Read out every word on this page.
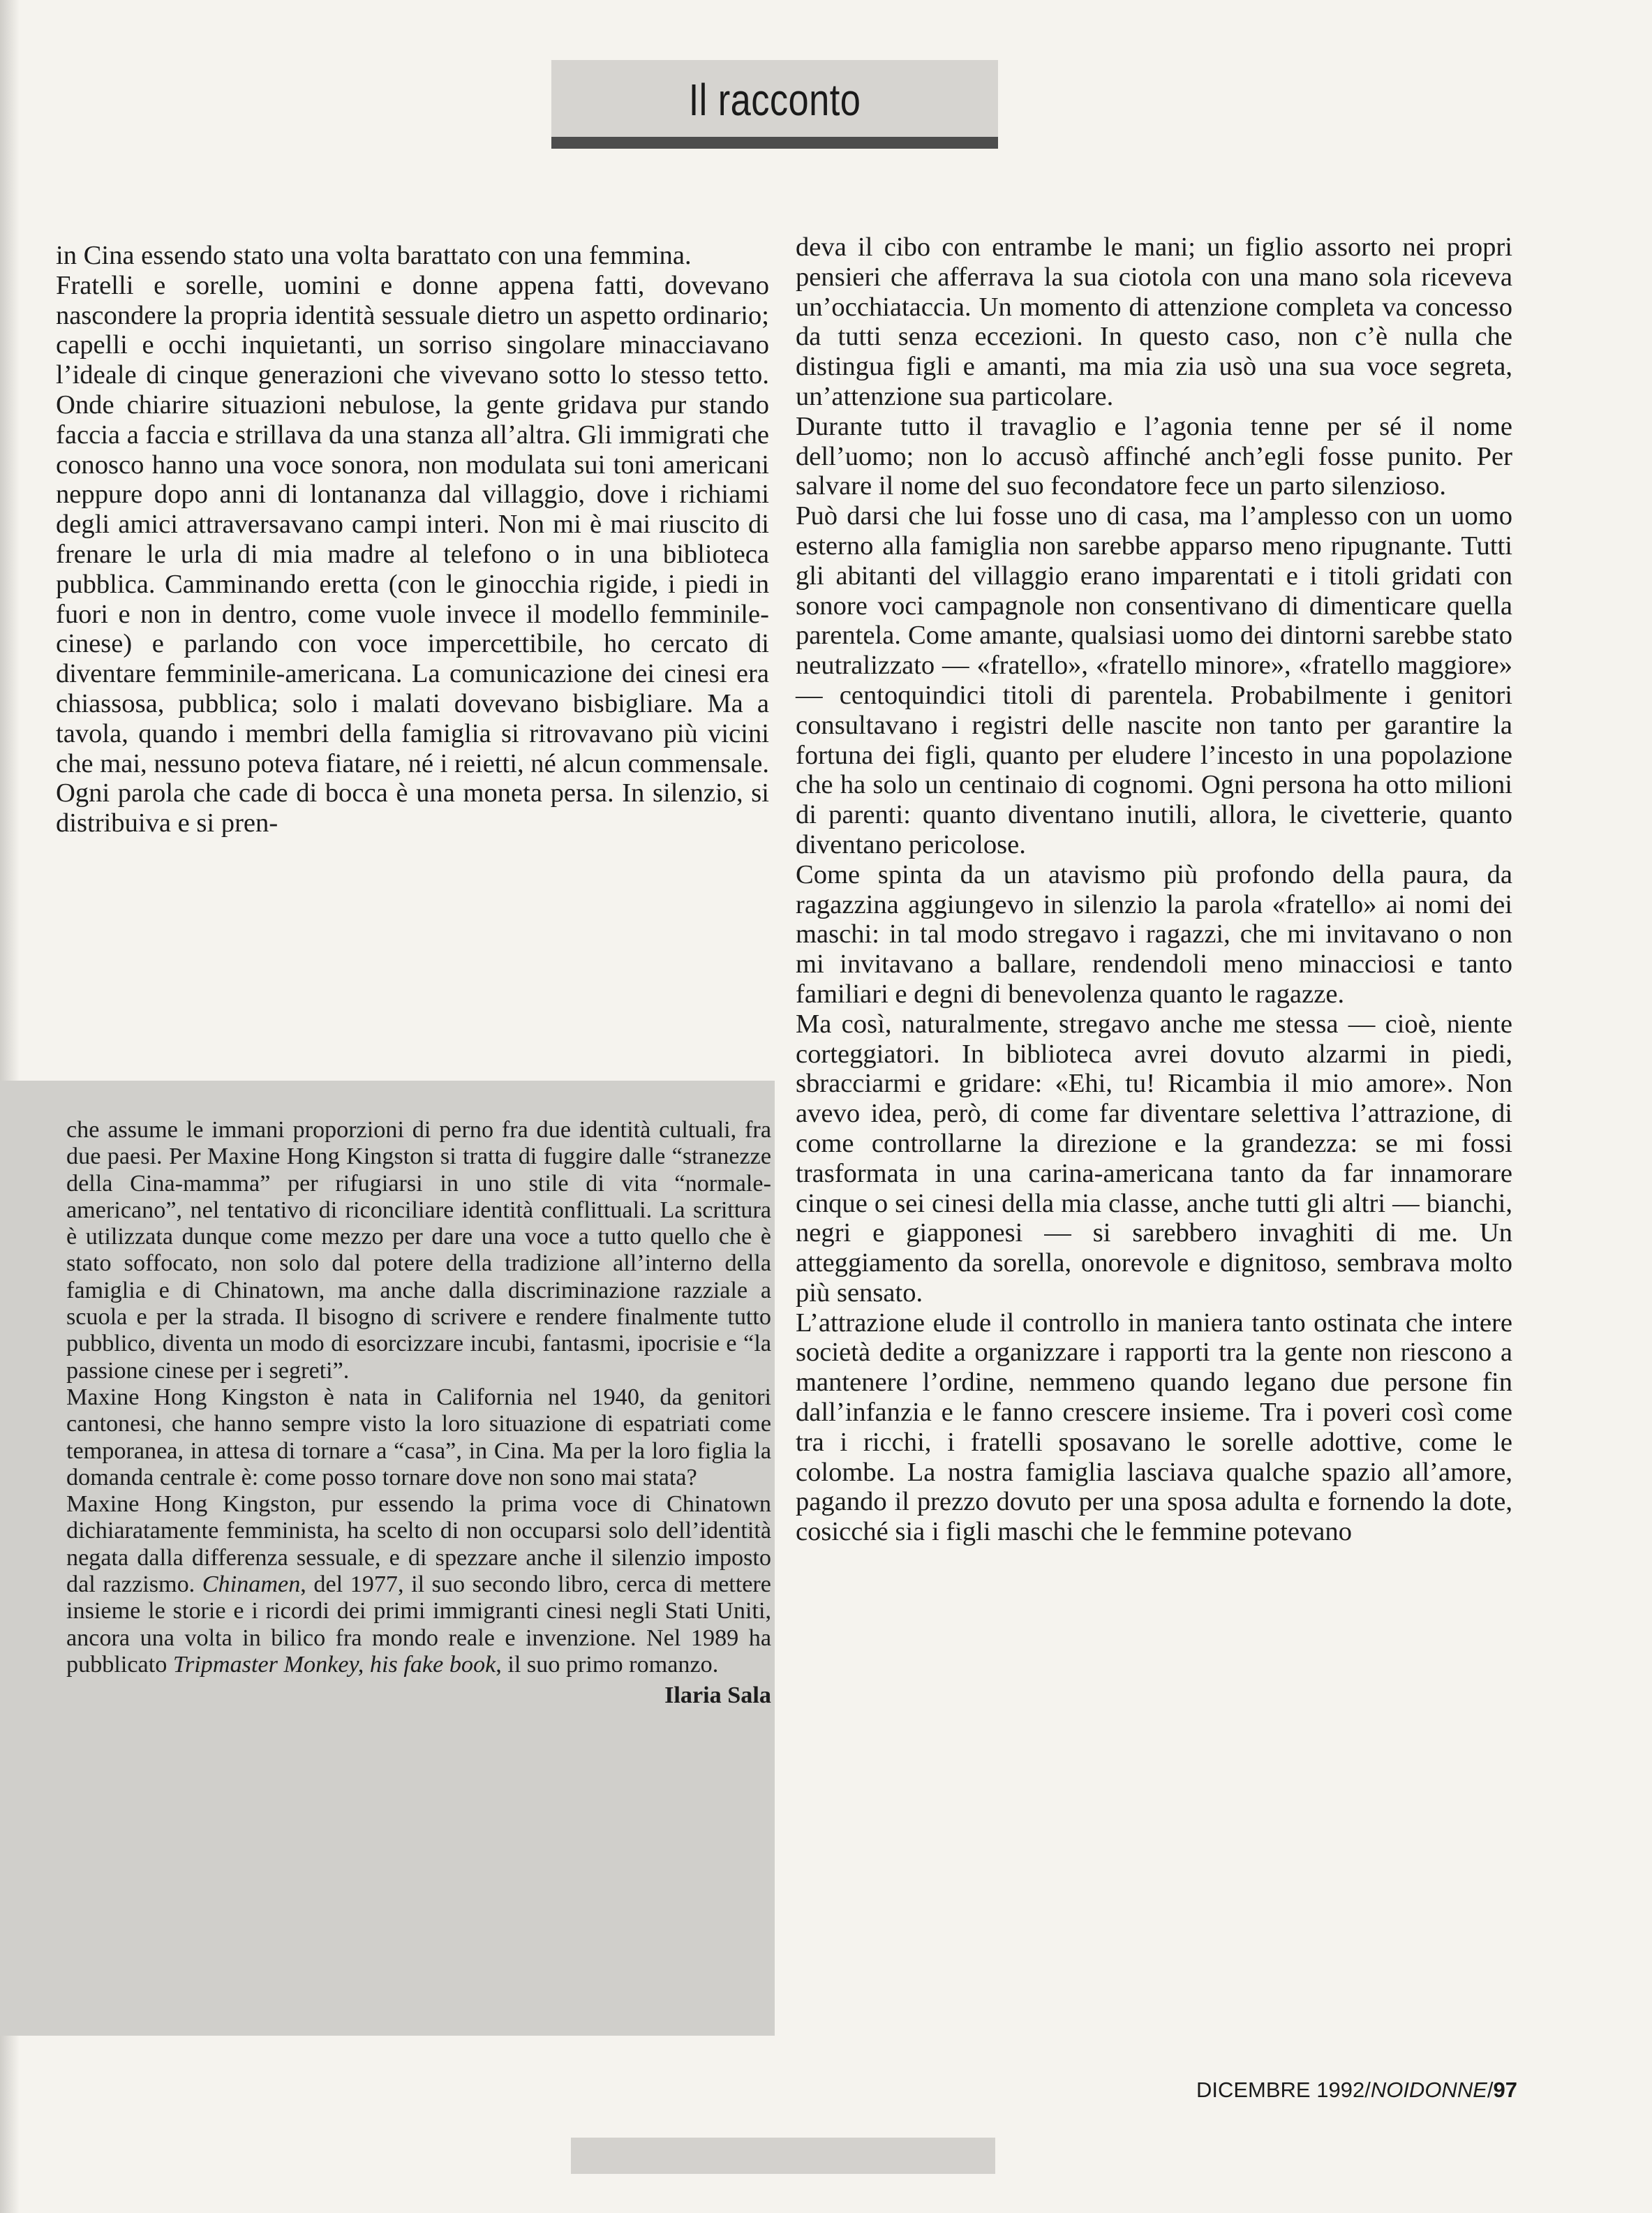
Il racconto

in Cina essendo stato una volta barattato con una femmina.

Fratelli e sorelle, uomini e donne appena fatti, dovevano nascondere la propria identità sessuale dietro un aspetto ordinario; capelli e occhi inquietanti, un sorriso singolare minacciavano l’ideale di cinque generazioni che vivevano sotto lo stesso tetto. Onde chiarire situazioni nebulose, la gente gridava pur stando faccia a faccia e strillava da una stanza all’altra. Gli immigrati che conosco hanno una voce sonora, non modulata sui toni americani neppure dopo anni di lontananza dal villaggio, dove i richiami degli amici attraversavano campi interi. Non mi è mai riuscito di frenare le urla di mia madre al telefono o in una biblioteca pubblica. Camminando eretta (con le ginocchia rigide, i piedi in fuori e non in dentro, come vuole invece il modello femminile-cinese) e parlando con voce impercettibile, ho cercato di diventare femminile-americana. La comunicazione dei cinesi era chiassosa, pubblica; solo i malati dovevano bisbigliare. Ma a tavola, quando i membri della famiglia si ritrovavano più vicini che mai, nessuno poteva fiatare, né i reietti, né alcun commensale. Ogni parola che cade di bocca è una moneta persa. In silenzio, si distribuiva e si pren-

che assume le immani proporzioni di perno fra due identità cultuali, fra due paesi. Per Maxine Hong Kingston si tratta di fuggire dalle “stranezze della Cina-mamma” per rifugiarsi in uno stile di vita “normale-americano”, nel tentativo di riconciliare identità conflittuali. La scrittura è utilizzata dunque come mezzo per dare una voce a tutto quello che è stato soffocato, non solo dal potere della tradizione all’interno della famiglia e di Chinatown, ma anche dalla discriminazione razziale a scuola e per la strada. Il bisogno di scrivere e rendere finalmente tutto pubblico, diventa un modo di esorcizzare incubi, fantasmi, ipocrisie e “la passione cinese per i segreti”.

Maxine Hong Kingston è nata in California nel 1940, da genitori cantonesi, che hanno sempre visto la loro situazione di espatriati come temporanea, in attesa di tornare a “casa”, in Cina. Ma per la loro figlia la domanda centrale è: come posso tornare dove non sono mai stata?

Maxine Hong Kingston, pur essendo la prima voce di Chinatown dichiaratamente femminista, ha scelto di non occuparsi solo dell’identità negata dalla differenza sessuale, e di spezzare anche il silenzio imposto dal razzismo. Chinamen, del 1977, il suo secondo libro, cerca di mettere insieme le storie e i ricordi dei primi immigranti cinesi negli Stati Uniti, ancora una volta in bilico fra mondo reale e invenzione. Nel 1989 ha pubblicato Tripmaster Monkey, his fake book, il suo primo romanzo.

Ilaria Sala

deva il cibo con entrambe le mani; un figlio assorto nei propri pensieri che afferrava la sua ciotola con una mano sola riceveva un’occhiataccia. Un momento di attenzione completa va concesso da tutti senza eccezioni. In questo caso, non c’è nulla che distingua figli e amanti, ma mia zia usò una sua voce segreta, un’attenzione sua particolare.

Durante tutto il travaglio e l’agonia tenne per sé il nome dell’uomo; non lo accusò affinché anch’egli fosse punito. Per salvare il nome del suo fecondatore fece un parto silenzioso.

Può darsi che lui fosse uno di casa, ma l’amplesso con un uomo esterno alla famiglia non sarebbe apparso meno ripugnante. Tutti gli abitanti del villaggio erano imparentati e i titoli gridati con sonore voci campagnole non consentivano di dimenticare quella parentela. Come amante, qualsiasi uomo dei dintorni sarebbe stato neutralizzato — «fratello», «fratello minore», «fratello maggiore» — centoquindici titoli di parentela. Probabilmente i genitori consultavano i registri delle nascite non tanto per garantire la fortuna dei figli, quanto per eludere l’incesto in una popolazione che ha solo un centinaio di cognomi. Ogni persona ha otto milioni di parenti: quanto diventano inutili, allora, le civetterie, quanto diventano pericolose.

Come spinta da un atavismo più profondo della paura, da ragazzina aggiungevo in silenzio la parola «fratello» ai nomi dei maschi: in tal modo stregavo i ragazzi, che mi invitavano o non mi invitavano a ballare, rendendoli meno minacciosi e tanto familiari e degni di benevolenza quanto le ragazze.

Ma così, naturalmente, stregavo anche me stessa — cioè, niente corteggiatori. In biblioteca avrei dovuto alzarmi in piedi, sbracciarmi e gridare: «Ehi, tu! Ricambia il mio amore». Non avevo idea, però, di come far diventare selettiva l’attrazione, di come controllarne la direzione e la grandezza: se mi fossi trasformata in una carina-americana tanto da far innamorare cinque o sei cinesi della mia classe, anche tutti gli altri — bianchi, negri e giapponesi — si sarebbero invaghiti di me. Un atteggiamento da sorella, onorevole e dignitoso, sembrava molto più sensato.

L’attrazione elude il controllo in maniera tanto ostinata che intere società dedite a organizzare i rapporti tra la gente non riescono a mantenere l’ordine, nemmeno quando legano due persone fin dall’infanzia e le fanno crescere insieme. Tra i poveri così come tra i ricchi, i fratelli sposavano le sorelle adottive, come le colombe. La nostra famiglia lasciava qualche spazio all’amore, pagando il prezzo dovuto per una sposa adulta e fornendo la dote, cosicché sia i figli maschi che le femmine potevano

DICEMBRE 1992/NOIDONNE/97
